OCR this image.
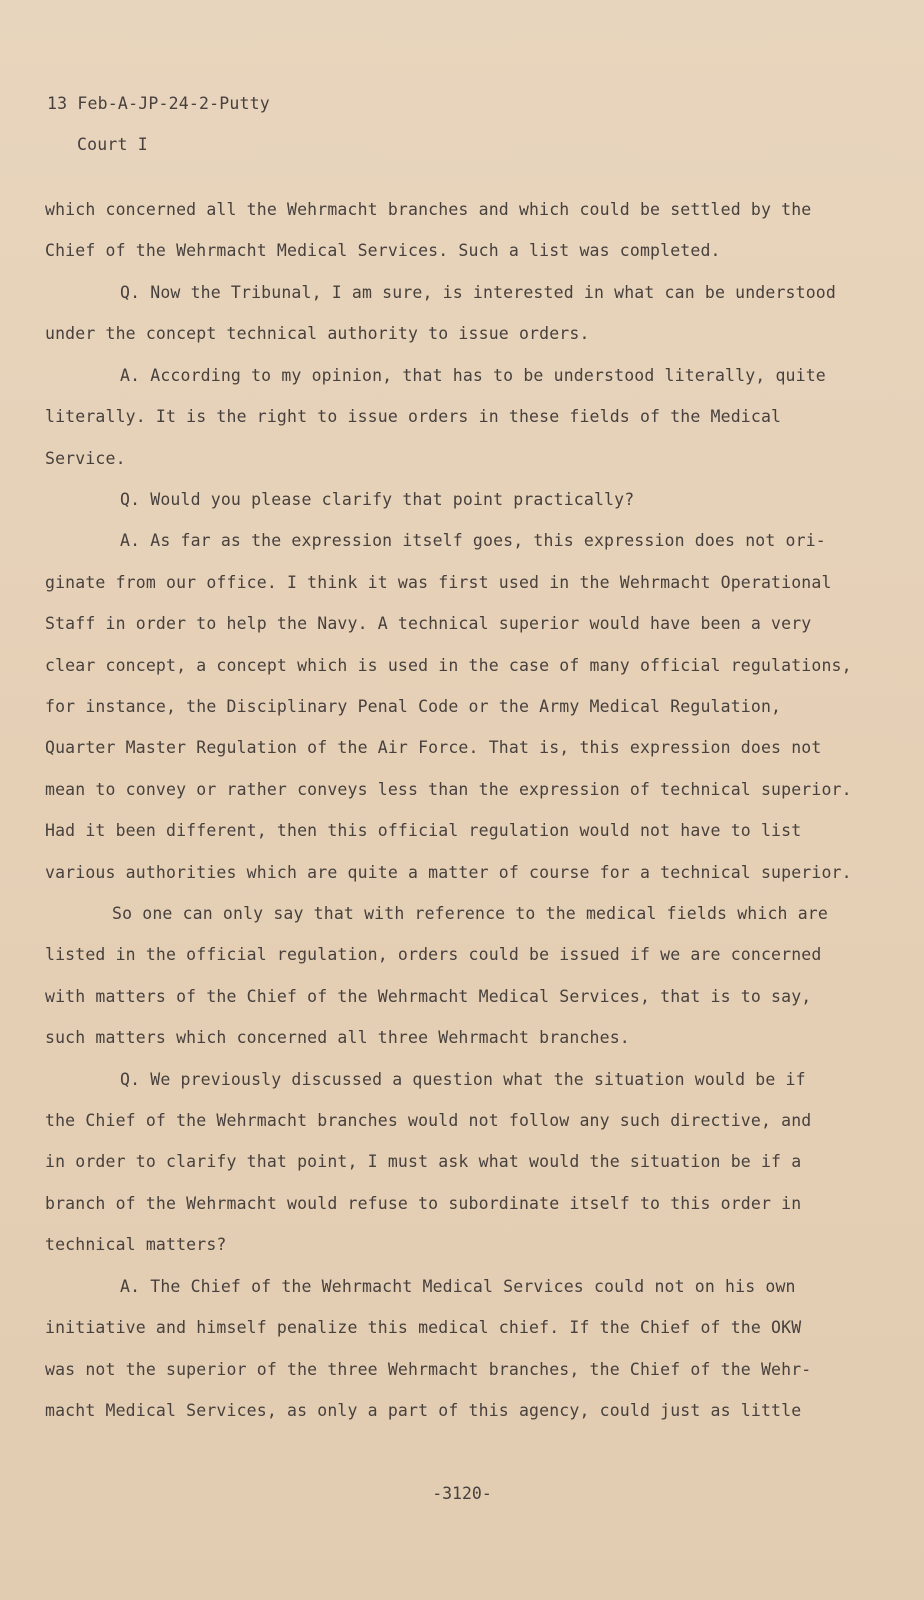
13 Feb-A-JP-24-2-Putty
Court I
which concerned all the Wehrmacht branches and which could be settled by the
Chief of the Wehrmacht Medical Services. Such a list was completed.
Q. Now the Tribunal, I am sure, is interested in what can be understood
under the concept technical authority to issue orders.
A. According to my opinion, that has to be understood literally, quite
literally. It is the right to issue orders in these fields of the Medical
Service.
Q. Would you please clarify that point practically?
A. As far as the expression itself goes, this expression does not ori-
ginate from our office. I think it was first used in the Wehrmacht Operational
Staff in order to help the Navy. A technical superior would have been a very
clear concept, a concept which is used in the case of many official regulations,
for instance, the Disciplinary Penal Code or the Army Medical Regulation,
Quarter Master Regulation of the Air Force. That is, this expression does not
mean to convey or rather conveys less than the expression of technical superior.
Had it been different, then this official regulation would not have to list
various authorities which are quite a matter of course for a technical superior.
So one can only say that with reference to the medical fields which are
listed in the official regulation, orders could be issued if we are concerned
with matters of the Chief of the Wehrmacht Medical Services, that is to say,
such matters which concerned all three Wehrmacht branches.
Q. We previously discussed a question what the situation would be if
the Chief of the Wehrmacht branches would not follow any such directive, and
in order to clarify that point, I must ask what would the situation be if a
branch of the Wehrmacht would refuse to subordinate itself to this order in
technical matters?
A. The Chief of the Wehrmacht Medical Services could not on his own
initiative and himself penalize this medical chief. If the Chief of the OKW
was not the superior of the three Wehrmacht branches, the Chief of the Wehr-
macht Medical Services, as only a part of this agency, could just as little
-3120-
